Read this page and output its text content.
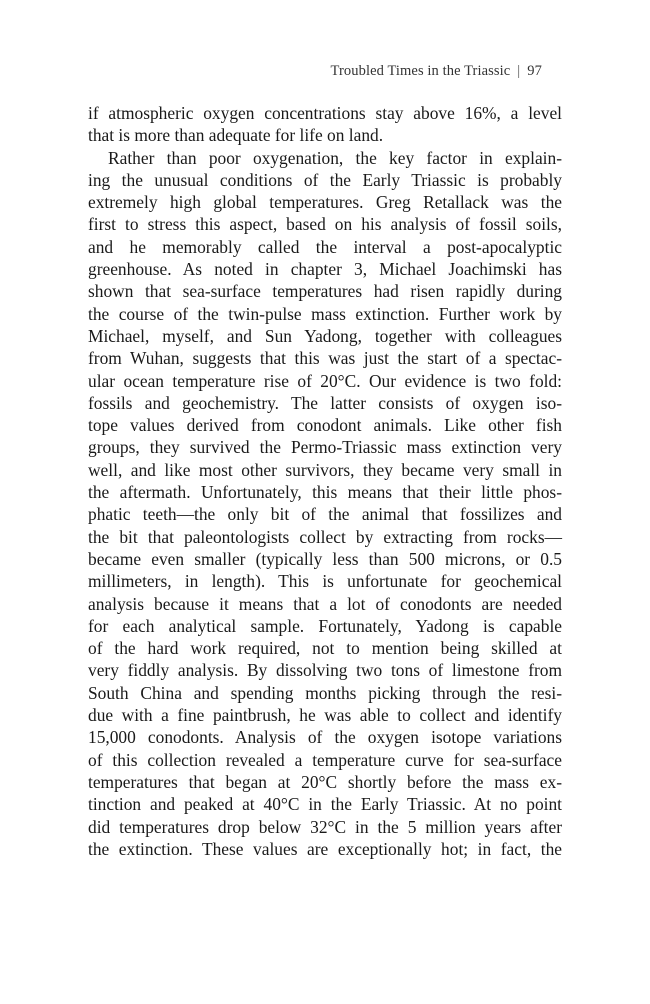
Troubled Times in the Triassic | 97
if atmospheric oxygen concentrations stay above 16%, a level
that is more than adequate for life on land.
Rather than poor oxygenation, the key factor in explain-
ing the unusual conditions of the Early Triassic is probably
extremely high global temperatures. Greg Retallack was the
first to stress this aspect, based on his analysis of fossil soils,
and he memorably called the interval a post-apocalyptic
greenhouse. As noted in chapter 3, Michael Joachimski has
shown that sea-surface temperatures had risen rapidly during
the course of the twin-pulse mass extinction. Further work by
Michael, myself, and Sun Yadong, together with colleagues
from Wuhan, suggests that this was just the start of a spectac-
ular ocean temperature rise of 20°C. Our evidence is two fold:
fossils and geochemistry. The latter consists of oxygen iso-
tope values derived from conodont animals. Like other fish
groups, they survived the Permo-Triassic mass extinction very
well, and like most other survivors, they became very small in
the aftermath. Unfortunately, this means that their little phos-
phatic teeth—the only bit of the animal that fossilizes and
the bit that paleontologists collect by extracting from rocks—
became even smaller (typically less than 500 microns, or 0.5
millimeters, in length). This is unfortunate for geochemical
analysis because it means that a lot of conodonts are needed
for each analytical sample. Fortunately, Yadong is capable
of the hard work required, not to mention being skilled at
very fiddly analysis. By dissolving two tons of limestone from
South China and spending months picking through the resi-
due with a fine paintbrush, he was able to collect and identify
15,000 conodonts. Analysis of the oxygen isotope variations
of this collection revealed a temperature curve for sea-surface
temperatures that began at 20°C shortly before the mass ex-
tinction and peaked at 40°C in the Early Triassic. At no point
did temperatures drop below 32°C in the 5 million years after
the extinction. These values are exceptionally hot; in fact, the
